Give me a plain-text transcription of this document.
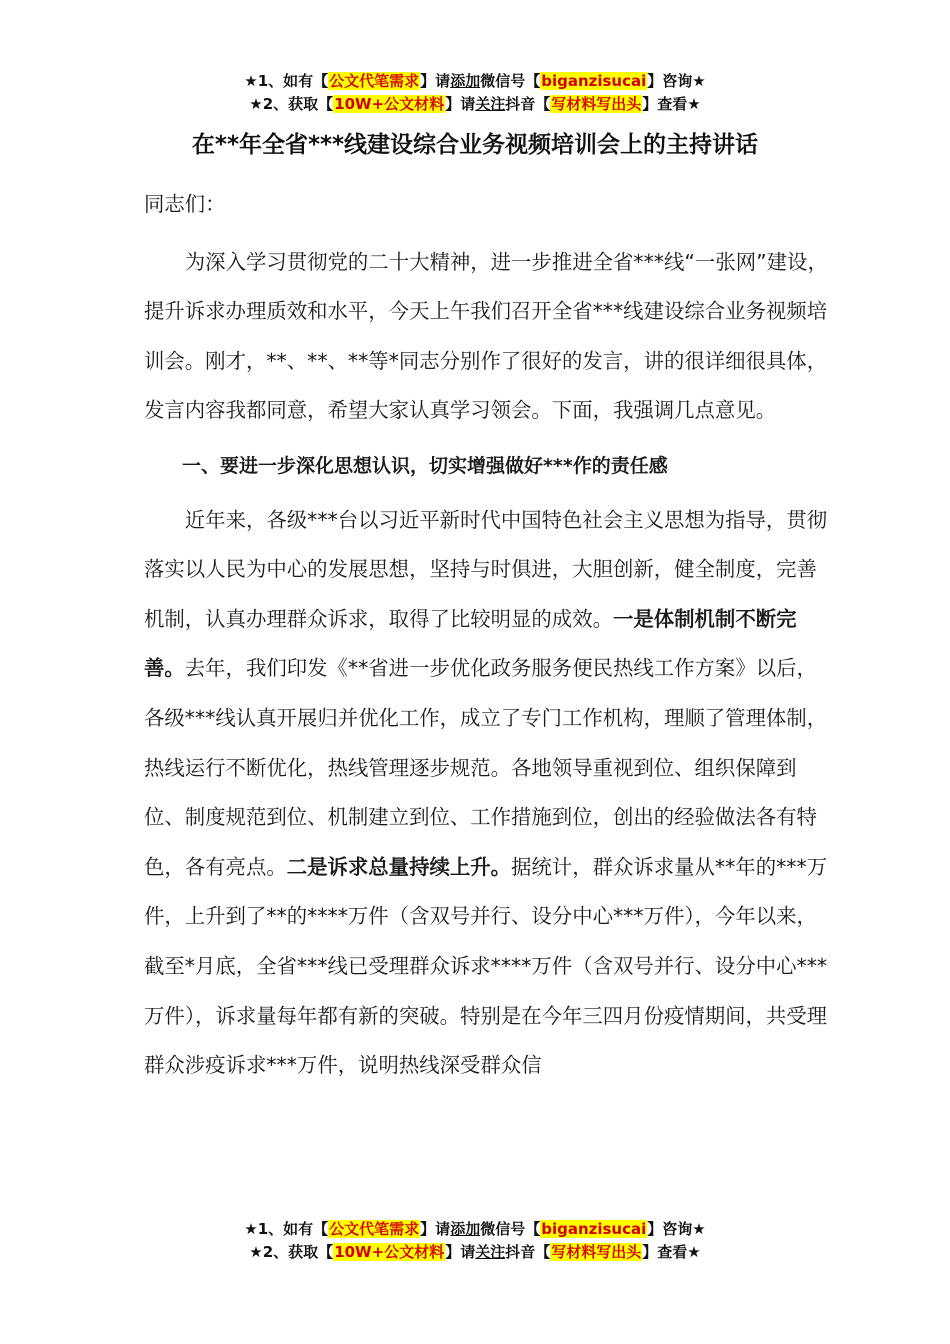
★1、如有【公文代笔需求】请添加微信号【biganzisucai】咨询★
★2、获取【10W+公文材料】请关注抖音【写材料写出头】查看★
在**年全省***线建设综合业务视频培训会上的主持讲话

同志们：

为深入学习贯彻党的二十大精神，进一步推进全省***线“一张网”建设，提升诉求办理质效和水平，今天上午我们召开全省***线建设综合业务视频培训会。刚才，**、**、**等*同志分别作了很好的发言，讲的很详细很具体，发言内容我都同意，希望大家认真学习领会。下面，我强调几点意见。

一、要进一步深化思想认识，切实增强做好***作的责任感

近年来，各级***台以习近平新时代中国特色社会主义思想为指导，贯彻落实以人民为中心的发展思想，坚持与时俱进，大胆创新，健全制度，完善机制，认真办理群众诉求，取得了比较明显的成效。一是体制机制不断完善。去年，我们印发《**省进一步优化政务服务便民热线工作方案》以后，各级***线认真开展归并优化工作，成立了专门工作机构，理顺了管理体制，热线运行不断优化，热线管理逐步规范。各地领导重视到位、组织保障到位、制度规范到位、机制建立到位、工作措施到位，创出的经验做法各有特色，各有亮点。二是诉求总量持续上升。据统计，群众诉求量从**年的***万件，上升到了**的****万件（含双号并行、设分中心***万件），今年以来，截至*月底，全省***线已受理群众诉求****万件（含双号并行、设分中心***万件），诉求量每年都有新的突破。特别是在今年三四月份疫情期间，共受理群众涉疫诉求***万件，说明热线深受群众信

★1、如有【公文代笔需求】请添加微信号【biganzisucai】咨询★
★2、获取【10W+公文材料】请关注抖音【写材料写出头】查看★
